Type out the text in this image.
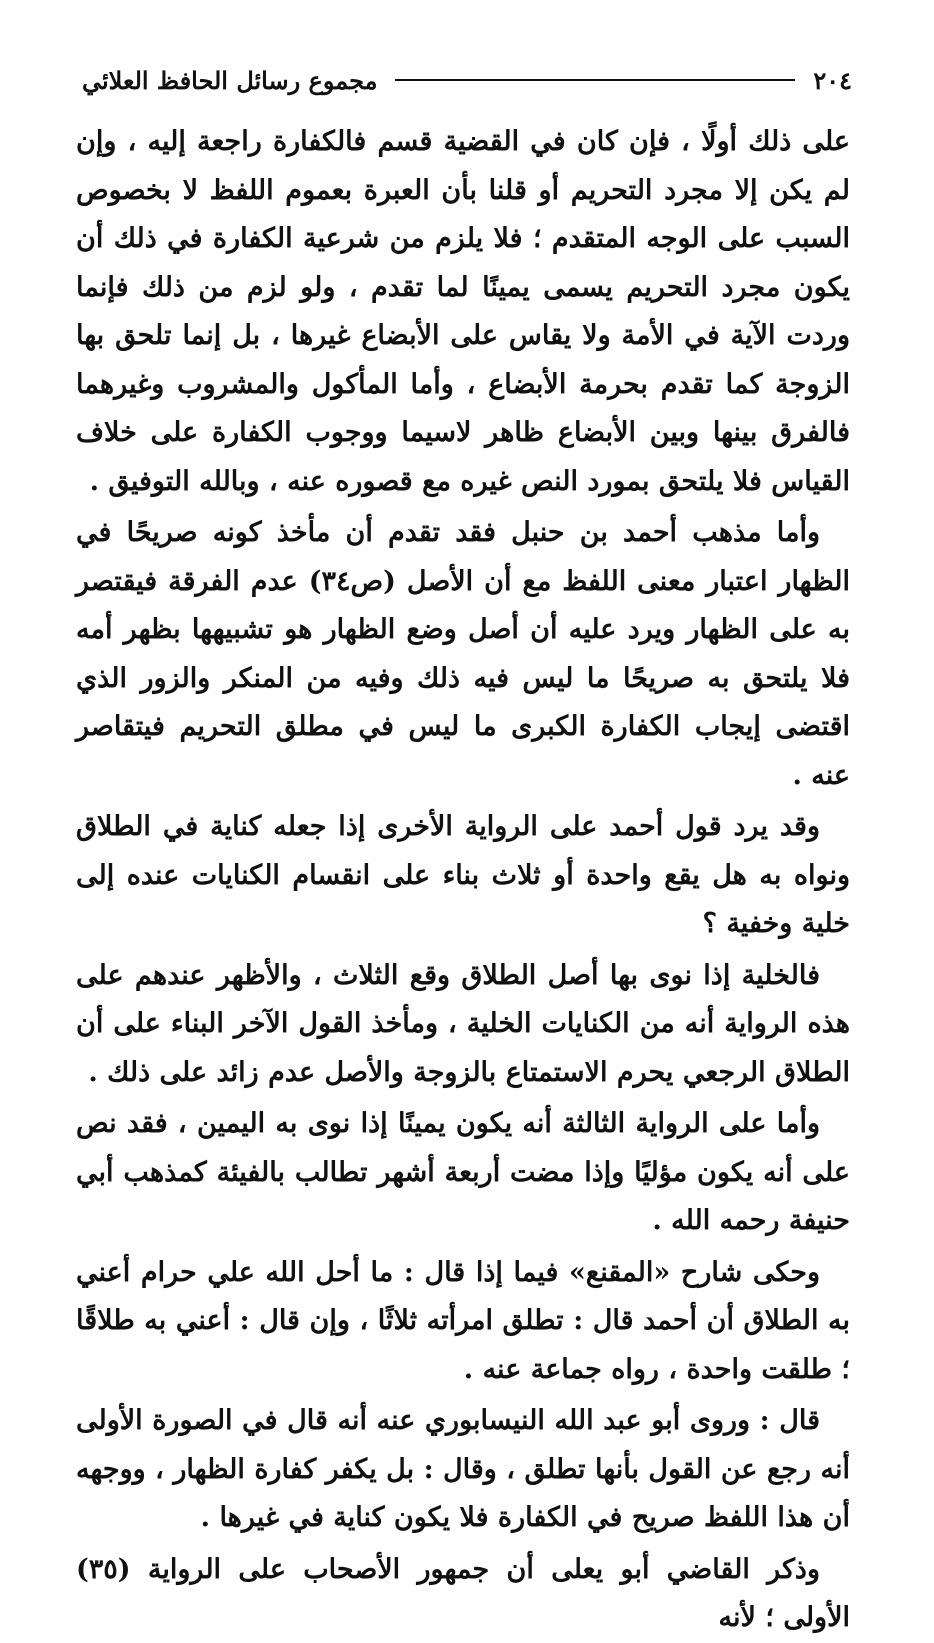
٢٠٤
مجموع رسائل الحافظ العلائي

على ذلك أولًا ، فإن كان في القضية قسم فالكفارة راجعة إليه ، وإن لم يكن إلا مجرد التحريم أو قلنا بأن العبرة بعموم اللفظ لا بخصوص السبب على الوجه المتقدم ؛ فلا يلزم من شرعية الكفارة في ذلك أن يكون مجرد التحريم يسمى يمينًا لما تقدم ، ولو لزم من ذلك فإنما وردت الآية في الأمة ولا يقاس على الأبضاع غيرها ، بل إنما تلحق بها الزوجة كما تقدم بحرمة الأبضاع ، وأما المأكول والمشروب وغيرهما فالفرق بينها وبين الأبضاع ظاهر لاسيما ووجوب الكفارة على خلاف القياس فلا يلتحق بمورد النص غيره مع قصوره عنه ، وبالله التوفيق .

وأما مذهب أحمد بن حنبل فقد تقدم أن مأخذ كونه صريحًا في الظهار اعتبار معنى اللفظ مع أن الأصل (ص٣٤) عدم الفرقة فيقتصر به على الظهار ويرد عليه أن أصل وضع الظهار هو تشبيهها بظهر أمه فلا يلتحق به صريحًا ما ليس فيه ذلك وفيه من المنكر والزور الذي اقتضى إيجاب الكفارة الكبرى ما ليس في مطلق التحريم فيتقاصر عنه .

وقد يرد قول أحمد على الرواية الأخرى إذا جعله كناية في الطلاق ونواه به هل يقع واحدة أو ثلاث بناء على انقسام الكنايات عنده إلى خلية وخفية ؟

فالخلية إذا نوى بها أصل الطلاق وقع الثلاث ، والأظهر عندهم على هذه الرواية أنه من الكنايات الخلية ، ومأخذ القول الآخر البناء على أن الطلاق الرجعي يحرم الاستمتاع بالزوجة والأصل عدم زائد على ذلك .

وأما على الرواية الثالثة أنه يكون يمينًا إذا نوى به اليمين ، فقد نص على أنه يكون مؤليًا وإذا مضت أربعة أشهر تطالب بالفيئة كمذهب أبي حنيفة رحمه الله .

وحكى شارح «المقنع» فيما إذا قال : ما أحل الله علي حرام أعني به الطلاق أن أحمد قال : تطلق امرأته ثلاثًا ، وإن قال : أعني به طلاقًا ؛ طلقت واحدة ، رواه جماعة عنه .

قال : وروى أبو عبد الله النيسابوري عنه أنه قال في الصورة الأولى أنه رجع عن القول بأنها تطلق ، وقال : بل يكفر كفارة الظهار ، ووجهه أن هذا اللفظ صريح في الكفارة فلا يكون كناية في غيرها .

وذكر القاضي أبو يعلى أن جمهور الأصحاب على الرواية (٣٥) الأولى ؛ لأنه
